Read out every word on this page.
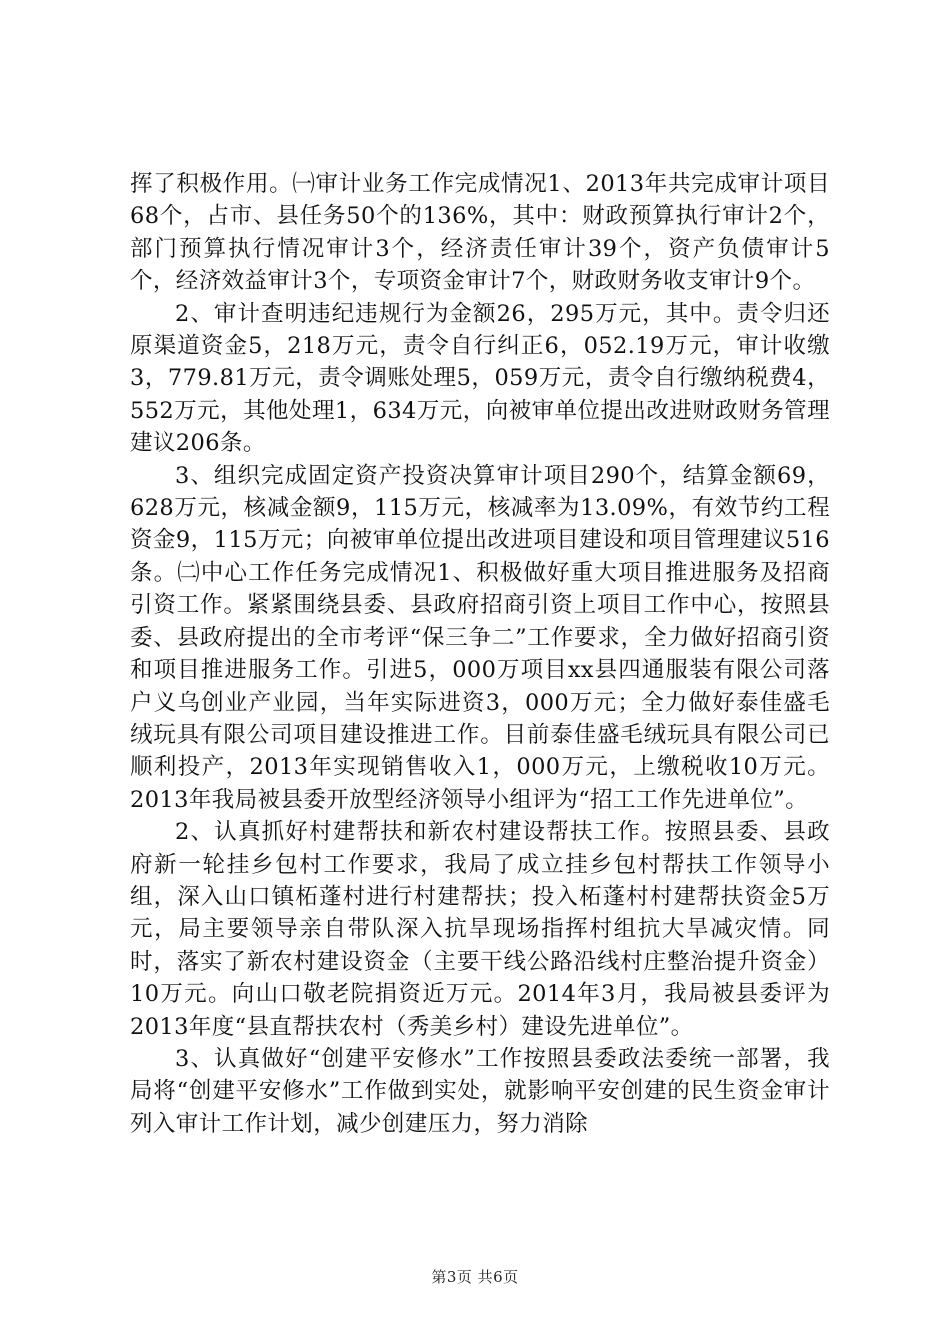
挥了积极作用。㈠审计业务工作完成情况1、2013年共完成审计项目68个，占市、县任务50个的136%，其中：财政预算执行审计2个，部门预算执行情况审计3个，经济责任审计39个，资产负债审计5个，经济效益审计3个，专项资金审计7个，财政财务收支审计9个。

2、审计查明违纪违规行为金额26，295万元，其中。责令归还原渠道资金5，218万元，责令自行纠正6，052.19万元，审计收缴3，779.81万元，责令调账处理5，059万元，责令自行缴纳税费4，552万元，其他处理1，634万元，向被审单位提出改进财政财务管理建议206条。

3、组织完成固定资产投资决算审计项目290个，结算金额69，628万元，核减金额9，115万元，核减率为13.09%，有效节约工程资金9，115万元；向被审单位提出改进项目建设和项目管理建议516条。㈡中心工作任务完成情况1、积极做好重大项目推进服务及招商引资工作。紧紧围绕县委、县政府招商引资上项目工作中心，按照县委、县政府提出的全市考评“保三争二”工作要求，全力做好招商引资和项目推进服务工作。引进5，000万项目xx县四通服装有限公司落户义乌创业产业园，当年实际进资3，000万元；全力做好泰佳盛毛绒玩具有限公司项目建设推进工作。目前泰佳盛毛绒玩具有限公司已顺利投产，2013年实现销售收入1，000万元，上缴税收10万元。2013年我局被县委开放型经济领导小组评为“招工工作先进单位”。

2、认真抓好村建帮扶和新农村建设帮扶工作。按照县委、县政府新一轮挂乡包村工作要求，我局了成立挂乡包村帮扶工作领导小组，深入山口镇柘蓬村进行村建帮扶；投入柘蓬村村建帮扶资金5万元，局主要领导亲自带队深入抗旱现场指挥村组抗大旱减灾情。同时，落实了新农村建设资金（主要干线公路沿线村庄整治提升资金）10万元。向山口敬老院捐资近万元。2014年3月，我局被县委评为2013年度“县直帮扶农村（秀美乡村）建设先进单位”。

3、认真做好“创建平安修水”工作按照县委政法委统一部署，我局将“创建平安修水”工作做到实处，就影响平安创建的民生资金审计列入审计工作计划，减少创建压力，努力消除

第3页 共6页
